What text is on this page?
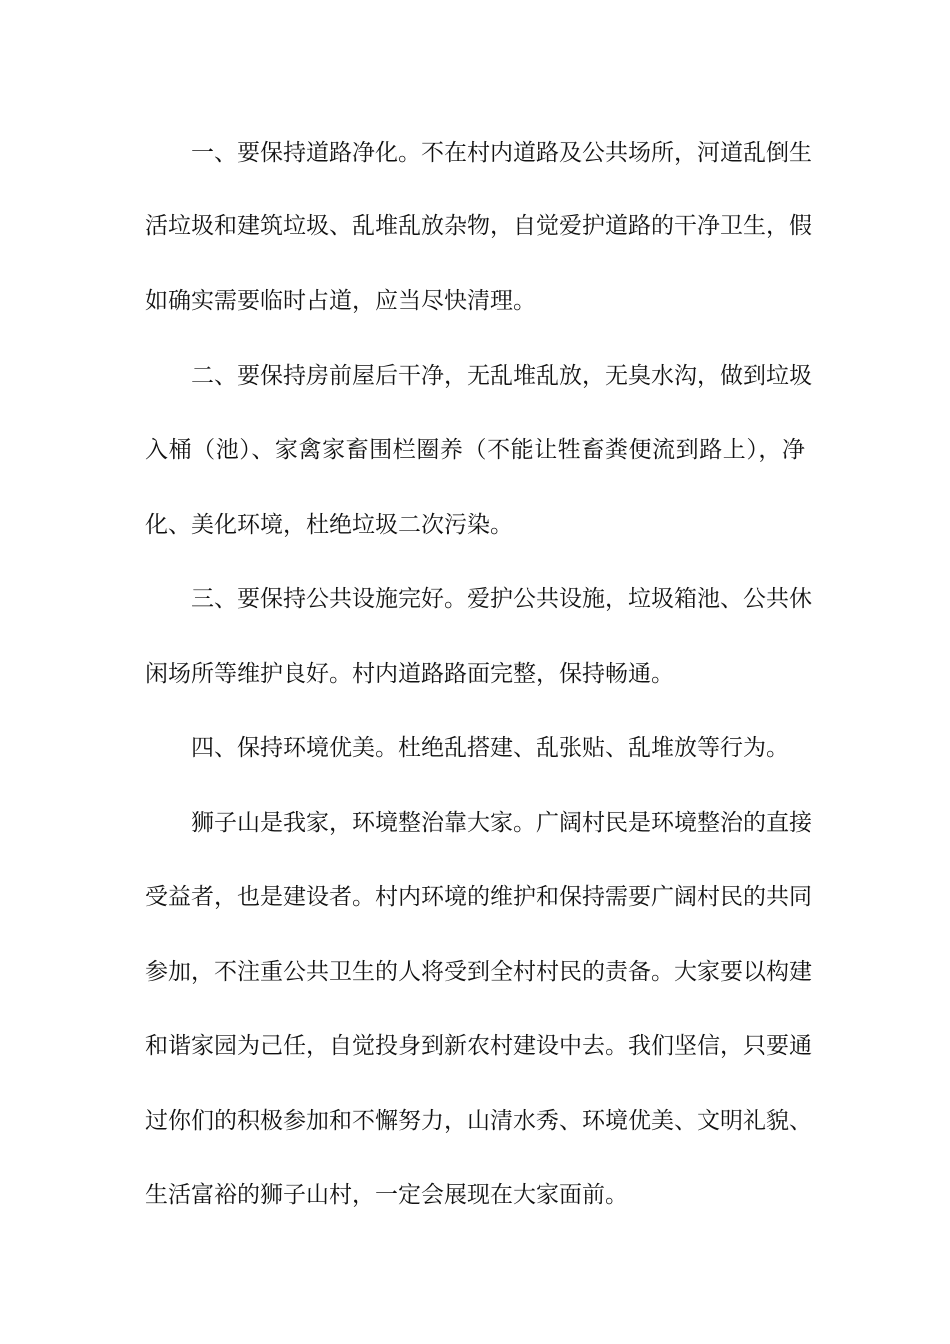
一、要保持道路净化。不在村内道路及公共场所，河道乱倒生
活垃圾和建筑垃圾、乱堆乱放杂物，自觉爱护道路的干净卫生，假
如确实需要临时占道，应当尽快清理。
二、要保持房前屋后干净，无乱堆乱放，无臭水沟，做到垃圾
入桶（池）、家禽家畜围栏圈养（不能让牲畜粪便流到路上），净
化、美化环境，杜绝垃圾二次污染。
三、要保持公共设施完好。爱护公共设施，垃圾箱池、公共休
闲场所等维护良好。村内道路路面完整，保持畅通。
四、保持环境优美。杜绝乱搭建、乱张贴、乱堆放等行为。
狮子山是我家，环境整治靠大家。广阔村民是环境整治的直接
受益者，也是建设者。村内环境的维护和保持需要广阔村民的共同
参加，不注重公共卫生的人将受到全村村民的责备。大家要以构建
和谐家园为己任，自觉投身到新农村建设中去。我们坚信，只要通
过你们的积极参加和不懈努力，山清水秀、环境优美、文明礼貌、
生活富裕的狮子山村，一定会展现在大家面前。
